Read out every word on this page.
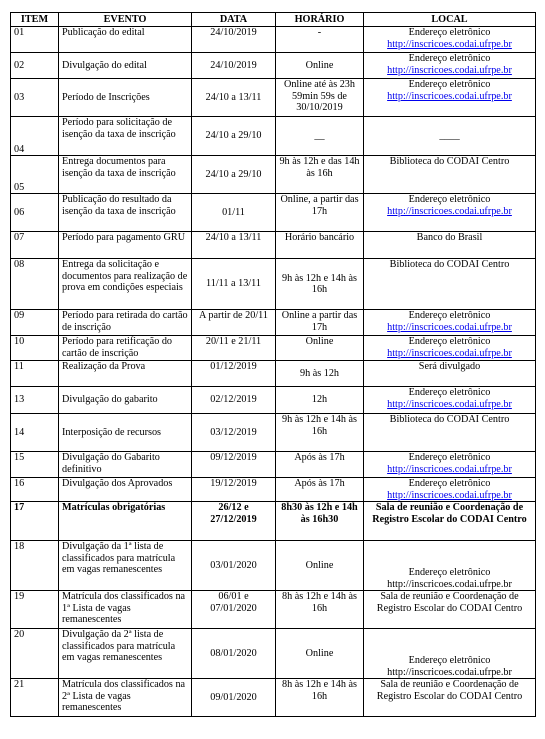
ITEM	EVENTO	DATA	HORÁRIO	LOCAL
01	Publicação do edital	24/10/2019	-	Endereço eletrônico
http://inscricoes.codai.ufrpe.br

02	Divulgação do edital	24/10/2019	Online	Endereço eletrônico
http://inscricoes.codai.ufrpe.br

03	Período de Inscrições	24/10 a 13/11	Online até às 23h 59min 59s de 30/10/2019	Endereço eletrônico
http://inscricoes.codai.ufrpe.br

04	Período para solicitação de isenção da taxa de inscrição	24/10 a 29/10	__	____

05	Entrega documentos para isenção da taxa de inscrição	24/10 a 29/10	9h às 12h e das 14h às 16h	Biblioteca do CODAI Centro

06	Publicação do resultado da isenção da taxa de inscrição	01/11	Online, a partir das 17h	Endereço eletrônico
http://inscricoes.codai.ufrpe.br

07	Período para pagamento GRU	24/10 a 13/11	Horário bancário	Banco do Brasil

08	Entrega da solicitação e documentos para realização de prova em condições especiais	11/11 a 13/11	9h às 12h e 14h às 16h	Biblioteca do CODAI Centro

09	Período para retirada do cartão de inscrição	A partir de 20/11	Online a partir das 17h	Endereço eletrônico
http://inscricoes.codai.ufrpe.br

10	Período para retificação do cartão de inscrição	20/11 e 21/11	Online	Endereço eletrônico
http://inscricoes.codai.ufrpe.br

11	Realização da Prova	01/12/2019	9h às 12h	Será divulgado

13	Divulgação do gabarito	02/12/2019	12h	Endereço eletrônico
http://inscricoes.codai.ufrpe.br

14	Interposição de recursos	03/12/2019	9h às 12h e 14h às 16h	Biblioteca do CODAI Centro

15	Divulgação do Gabarito definitivo	09/12/2019	Após às 17h	Endereço eletrônico
http://inscricoes.codai.ufrpe.br

16	Divulgação dos Aprovados	19/12/2019	Após às 17h	Endereço eletrônico
http://inscricoes.codai.ufrpe.br

17	Matrículas obrigatórias	26/12 e 27/12/2019	8h30 às 12h e 14h às 16h30	Sala de reunião e Coordenação de Registro Escolar do CODAI Centro

18	Divulgação da 1ª lista de classificados para matrícula em vagas remanescentes	03/01/2020	Online	Endereço eletrônico
http://inscricoes.codai.ufrpe.br

19	Matrícula dos classificados na 1ª Lista de vagas remanescentes	06/01 e 07/01/2020	8h às 12h e 14h às 16h	Sala de reunião e Coordenação de Registro Escolar do CODAI Centro

20	Divulgação da 2ª lista de classificados para matrícula em vagas remanescentes	08/01/2020	Online	Endereço eletrônico
http://inscricoes.codai.ufrpe.br

21	Matrícula dos classificados na 2ª Lista de vagas remanescentes	09/01/2020	8h às 12h e 14h às 16h	Sala de reunião e Coordenação de Registro Escolar do CODAI Centro
